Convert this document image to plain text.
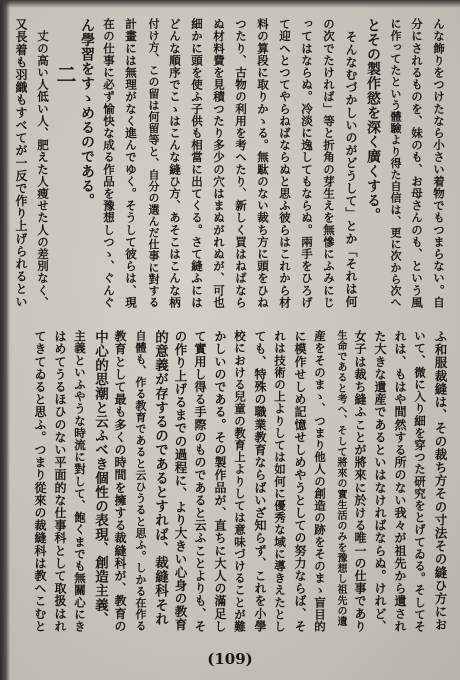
んな飾りをつけたなら小さい着物でもつまらない。自
分にされるものを、妹のも、お母さんのも、という風
に作ってたという體驗より得た自信は、更に次から次へ
とその製作慾を深く廣くする。
　そんなむづかしいのがどうして」とか「それは何
の次でたければ」等と折角の芽生えを無慘にふみにじ
ってはならぬ。冷淡に逸してもならぬ。兩手をひろげ
て迎へとつてやらねばならぬと思ふ彼らはこれから材
料の算段に取りかゝる。無駄のない裁ち方に頭をひね
つたり、古物の利用を考へたり、新しく買はねばなら
ぬ材料費を見積つたり多少の穴はまぬがれぬが、可也
細かに頭を使ふ子供も相當に出てくる。さて縫ふには
どんな順序でこゝはこんな縫ひ方、あそこはこんな柄
付け方、この留は何留等と、自分の選んだ仕事に對する
計畫には無理がなく進んでゆく。そうして彼らは、現
在の仕事に必ず愉快な成る作品を豫想しつゝ、ぐんぐ
ん學習をすゝめるのである。
二
　丈の高い人低い人、肥えた人痩せた人の差別なく、
又長着も羽織もすべてが一反で作り上げられるとい
ふ和服裁縫は、その裁ち方その寸法その縫ひ方にお
いて、微に入り細を穿つた研究をとげてゐる。そしてそ
れは、もはや間然する所のない我々が祖先から遺され
た大きな遺産であるといはなければならぬ。けれど、
女子は裁ち縫ふことが將來に於ける唯一の仕事であり
生命であると考へ、そして將來の實生活のみを豫想し祖先の遺
産をそのまゝ、つまり他人の創造の跡をそのまゝ盲目的
に模作せしめ記憶せしめやうとしての努力ならば、そ
れは技術の上よりしては如何に優秀な域に導きえたとし
ても、特殊の職業教育ならばいざ知らず、これを小學
校における兒童の教育上よりしては意味づけることが難
かしいのである。その製作品が、直ちに大人の滿足し
て實用し得る手際のものであると云ふことよりも、そ
の作り上げるまでの過程に、より大きい心身の教育
的意義が存するのであるとすれば、裁縫科それ
自體も、作る教育であると云ひうると思ふ。しかる在作る
教育として最も多くの時間を擁する裁縫科が、教育の
中心的思潮と云ふべき個性の表現、創造主義、
主義といふやうな時流に對して、飽くまでも無關心にき
はめてうるほひのない平面的な仕事科として取扱はれ
てきてゐると思ふ。つまり從來の裁縫科は教へこむと
(109)
